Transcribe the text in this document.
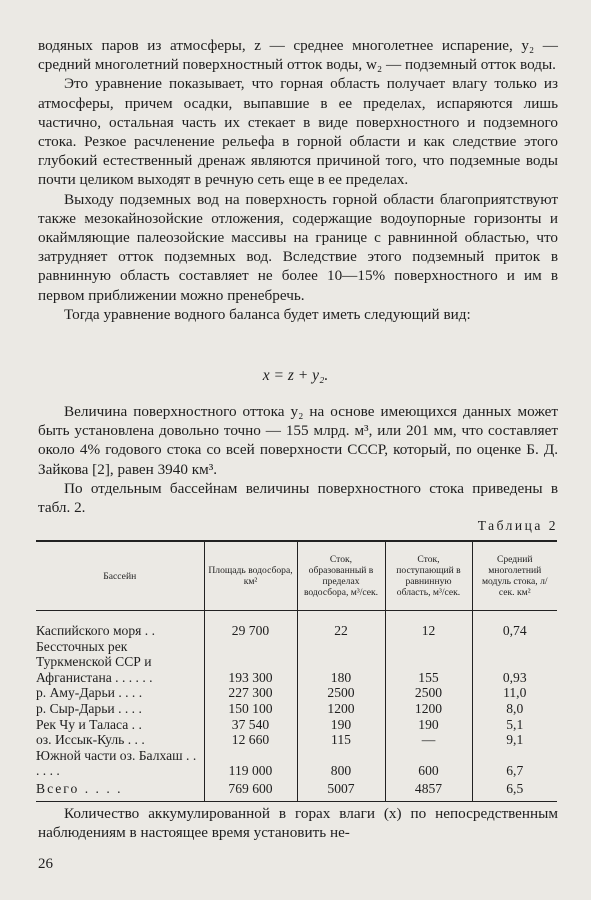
водяных паров из атмосферы, z — среднее многолетнее испарение, y₂ — средний многолетний поверхностный отток воды, w₂ — подземный отток воды.

Это уравнение показывает, что горная область получает влагу только из атмосферы, причем осадки, выпавшие в ее пределах, испаряются лишь частично, остальная часть их стекает в виде поверхностного и подземного стока. Резкое расчленение рельефа в горной области и как следствие этого глубокий естественный дренаж являются причиной того, что подземные воды почти целиком выходят в речную сеть еще в ее пределах.

Выходу подземных вод на поверхность горной области благоприятствуют также мезокайнозойские отложения, содержащие водоупорные горизонты и окаймляющие палеозойские массивы на границе с равнинной областью, что затрудняет отток подземных вод. Вследствие этого подземный приток в равнинную область составляет не более 10—15% поверхностного и им в первом приближении можно пренебречь.

Тогда уравнение водного баланса будет иметь следующий вид:

x = z + y₂.

Величина поверхностного оттока y₂ на основе имеющихся данных может быть установлена довольно точно — 155 млрд. м³, или 201 мм, что составляет около 4% годового стока со всей поверхности СССР, который, по оценке Б. Д. Зайкова [2], равен 3940 км³.

По отдельным бассейнам величины поверхностного стока приведены в табл. 2.

Таблица 2
Бассейн	Площадь водосбора, км²	Сток, образованный в пределах водосбора, м³/сек.	Сток, поступающий в равнинную область, м³/сек.	Средний многолетний модуль стока, л/сек. км²

Каспийского моря . .	29 700	22	12	0,74
Бессточных рек Туркменской ССР и Афганистана . . . . . .	193 300	180	155	0,93
р. Аму-Дарьи . . . .	227 300	2500	2500	11,0
р. Сыр-Дарьи . . . .	150 100	1200	1200	8,0
Рек Чу и Таласа . .	37 540	190	190	5,1
оз. Иссык-Куль . . .	12 660	115	—	9,1
Южной части оз. Балхаш . . . . . .	119 000	800	600	6,7
Всего . . . .	769 600	5007	4857	6,5

Количество аккумулированной в горах влаги (x) по непосредственным наблюдениям в настоящее время установить не-

26
